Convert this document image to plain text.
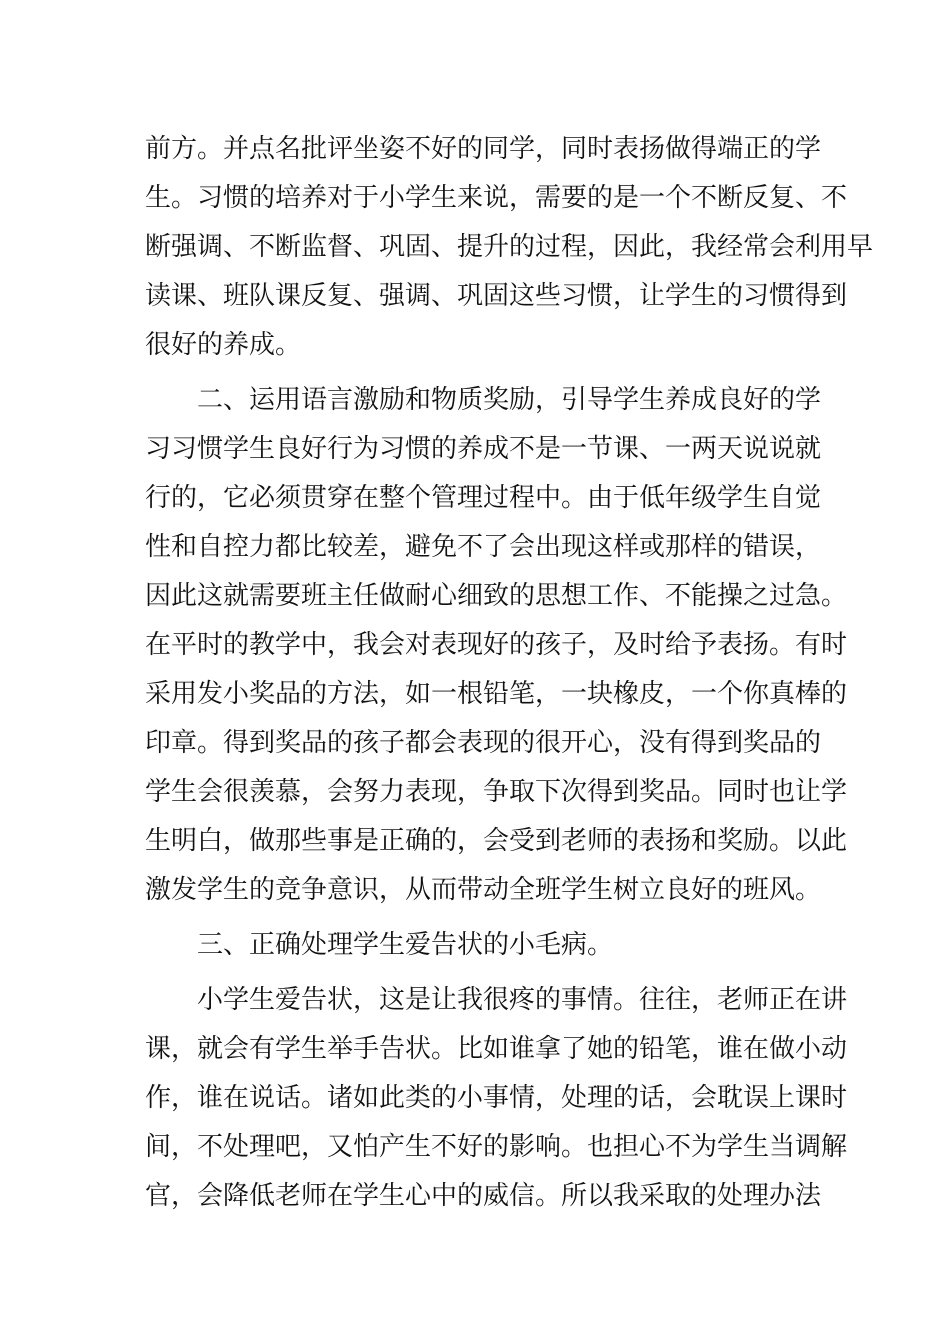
前方。并点名批评坐姿不好的同学，同时表扬做得端正的学
生。习惯的培养对于小学生来说，需要的是一个不断反复、不
断强调、不断监督、巩固、提升的过程，因此，我经常会利用早
读课、班队课反复、强调、巩固这些习惯，让学生的习惯得到
很好的养成。
二、运用语言激励和物质奖励，引导学生养成良好的学
习习惯学生良好行为习惯的养成不是一节课、一两天说说就
行的，它必须贯穿在整个管理过程中。由于低年级学生自觉
性和自控力都比较差，避免不了会出现这样或那样的错误，
因此这就需要班主任做耐心细致的思想工作、不能操之过急。
在平时的教学中，我会对表现好的孩子，及时给予表扬。有时
采用发小奖品的方法，如一根铅笔，一块橡皮，一个你真棒的
印章。得到奖品的孩子都会表现的很开心，没有得到奖品的
学生会很羡慕，会努力表现，争取下次得到奖品。同时也让学
生明白，做那些事是正确的，会受到老师的表扬和奖励。以此
激发学生的竞争意识，从而带动全班学生树立良好的班风。
三、正确处理学生爱告状的小毛病。
小学生爱告状，这是让我很疼的事情。往往，老师正在讲
课，就会有学生举手告状。比如谁拿了她的铅笔，谁在做小动
作，谁在说话。诸如此类的小事情，处理的话，会耽误上课时
间，不处理吧，又怕产生不好的影响。也担心不为学生当调解
官，会降低老师在学生心中的威信。所以我采取的处理办法
